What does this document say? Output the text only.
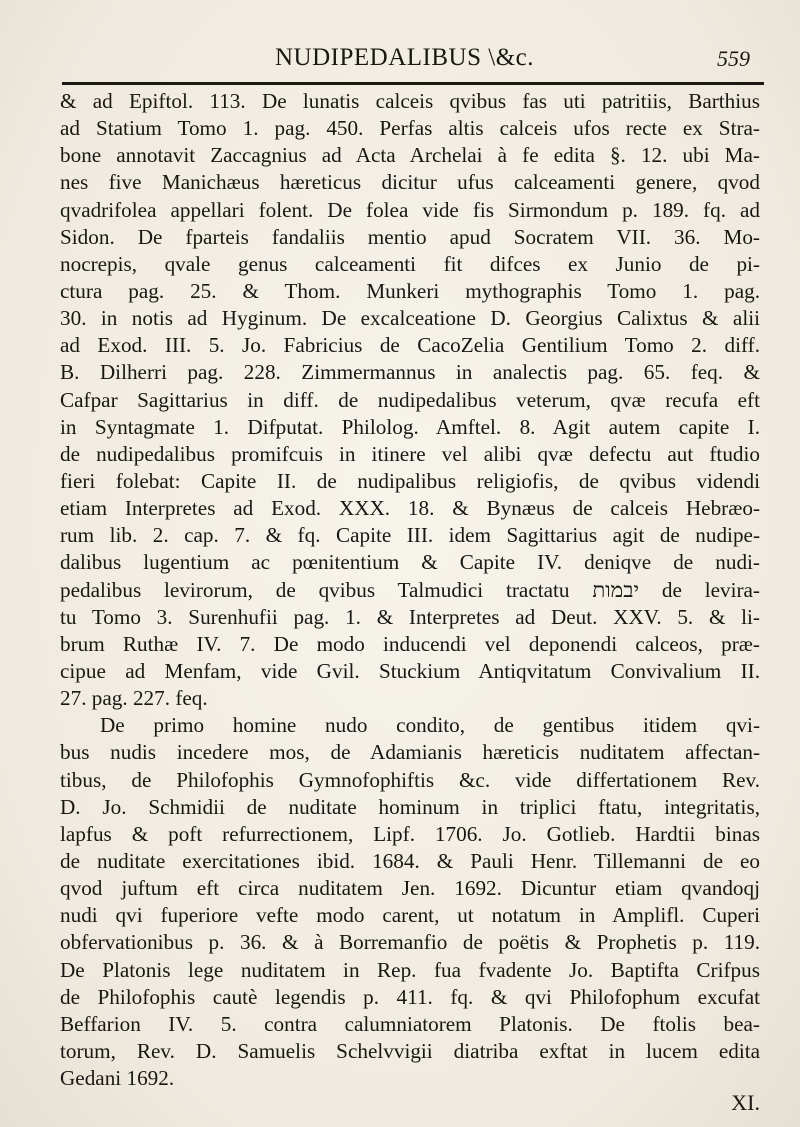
NUDIPEDALIBUS \&c.	559
& ad Epiftol. 113. De lunatis calceis qvibus fas uti patritiis, Barthius
ad Statium Tomo 1. pag. 450. Perfas altis calceis ufos recte ex Stra-
bone annotavit Zaccagnius ad Acta Archelai à fe edita §. 12. ubi Ma-
nes five Manichæus hæreticus dicitur ufus calceamenti genere, qvod
qvadrifolea appellari folent. De folea vide fis Sirmondum p. 189. fq. ad
Sidon. De fparteis fandaliis mentio apud Socratem VII. 36. Mo-
nocrepis, qvale genus calceamenti fit difces ex Junio de pi-
ctura pag. 25. & Thom. Munkeri mythographis Tomo 1. pag.
30. in notis ad Hyginum. De excalceatione D. Georgius Calixtus & alii
ad Exod. III. 5. Jo. Fabricius de CacoZelia Gentilium Tomo 2. diff.
B. Dilherri pag. 228. Zimmermannus in analectis pag. 65. feq. &
Cafpar Sagittarius in diff. de nudipedalibus veterum, qvæ recufa eft
in Syntagmate 1. Difputat. Philolog. Amftel. 8. Agit autem capite I.
de nudipedalibus promifcuis in itinere vel alibi qvæ defectu aut ftudio
fieri folebat: Capite II. de nudipalibus religiofis, de qvibus videndi
etiam Interpretes ad Exod. XXX. 18. & Bynæus de calceis Hebræo-
rum lib. 2. cap. 7. & fq. Capite III. idem Sagittarius agit de nudipe-
dalibus lugentium ac pœnitentium & Capite IV. deniqve de nudi-
pedalibus levirorum, de qvibus Talmudici tractatu יבמות de levira-
tu Tomo 3. Surenhufii pag. 1. & Interpretes ad Deut. XXV. 5. & li-
brum Ruthæ IV. 7. De modo inducendi vel deponendi calceos, præ-
cipue ad Menfam, vide Gvil. Stuckium Antiqvitatum Convivalium II.
27. pag. 227. feq.
De primo homine nudo condito, de gentibus itidem qvi-
bus nudis incedere mos, de Adamianis hæreticis nuditatem affectan-
tibus, de Philofophis Gymnofophiftis &c. vide differtationem Rev.
D. Jo. Schmidii de nuditate hominum in triplici ftatu, integritatis,
lapfus & poft refurrectionem, Lipf. 1706. Jo. Gotlieb. Hardtii binas
de nuditate exercitationes ibid. 1684. & Pauli Henr. Tillemanni de eo
qvod juftum eft circa nuditatem Jen. 1692. Dicuntur etiam qvandoqj
nudi qvi fuperiore vefte modo carent, ut notatum in Amplifl. Cuperi
obfervationibus p. 36. & à Borremanfio de poëtis & Prophetis p. 119.
De Platonis lege nuditatem in Rep. fua fvadente Jo. Baptifta Crifpus
de Philofophis cautè legendis p. 411. fq. & qvi Philofophum excufat
Beffarion IV. 5. contra calumniatorem Platonis. De ftolis bea-
torum, Rev. D. Samuelis Schelvvigii diatriba exftat in lucem edita
Gedani 1692.
XI.
